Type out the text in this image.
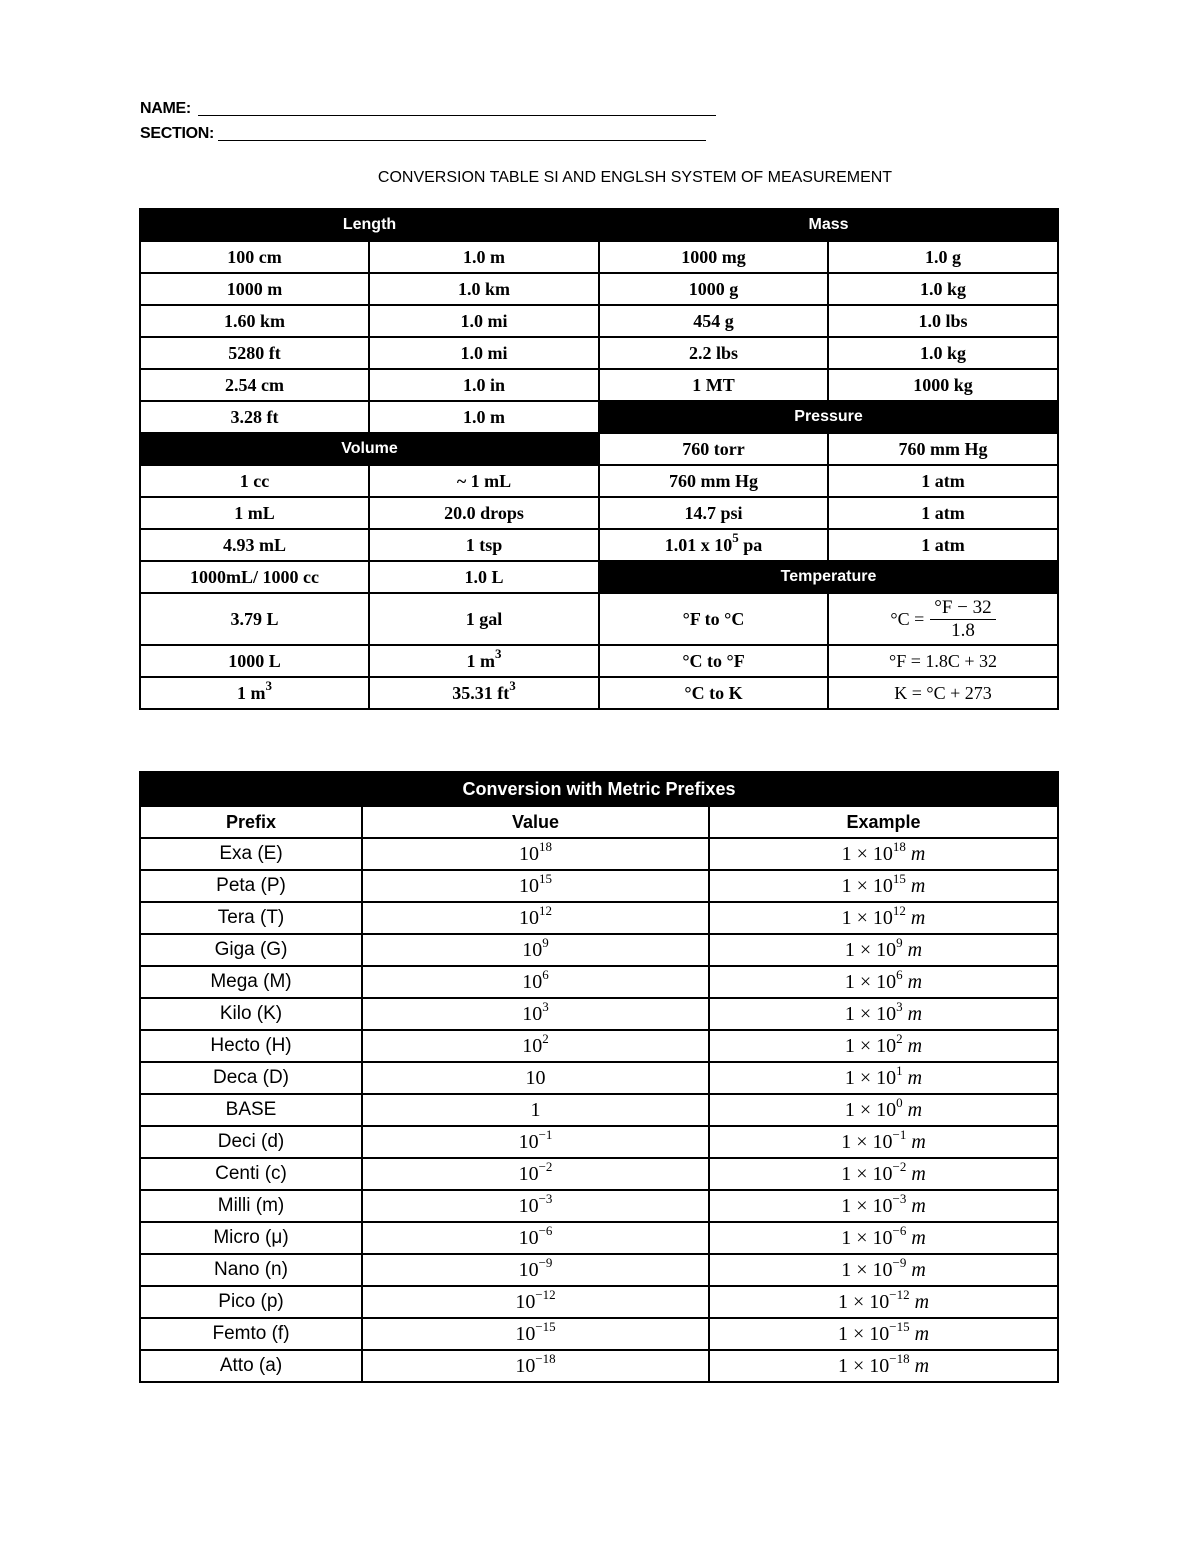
NAME:
SECTION:
CONVERSION TABLE SI AND ENGLSH SYSTEM OF MEASUREMENT
Length		Mass	
100 cm	1.0 m	1000 mg	1.0 g
1000 m	1.0 km	1000 g	1.0 kg
1.60 km	1.0 mi	454 g	1.0 lbs
5280 ft	1.0 mi	2.2 lbs	1.0 kg
2.54 cm	1.0 in	1 MT	1000 kg
3.28 ft	1.0 m	Pressure	
Volume		760 torr	760 mm Hg
1 cc	~ 1 mL	760 mm Hg	1 atm
1 mL	20.0 drops	14.7 psi	1 atm
4.93 mL	1 tsp	1.01 x $10^5$ pa	1 atm
1000mL/ 1000 cc	1.0 L	Temperature	
3.79 L	1 gal	°F to °C	$^\circ C = \frac{^\circ F - 32}{1.8}$

1000 L	1 $m^3$	°C to °F	°F = 1.8C + 32
1 $m^3$	35.31 $ft^3$	°C to K	K = °C + 273
Conversion with Metric Prefixes		
Prefix	Value	Example
Exa (E)	$10^{18}$	$1 \times 10^{18}$ m
Peta (P)	$10^{15}$	$1 \times 10^{15}$ m
Tera (T)	$10^{12}$	$1 \times 10^{12}$ m
Giga (G)	$10^9$	$1 \times 10^9$ m
Mega (M)	$10^6$	$1 \times 10^6$ m
Kilo (K)	$10^3$	$1 \times 10^3$ m
Hecto (H)	$10^2$	$1 \times 10^2$ m
Deca (D)	10	$1 \times 10^1$ m
BASE	1	$1 \times 10^0$ m
Deci (d)	$10^{-1}$	$1 \times 10^{-1}$ m
Centi (c)	$10^{-2}$	$1 \times 10^{-2}$ m
Milli (m)	$10^{-3}$	$1 \times 10^{-3}$ m
Micro (μ)	$10^{-6}$	$1 \times 10^{-6}$ m
Nano (n)	$10^{-9}$	$1 \times 10^{-9}$ m
Pico (p)	$10^{-12}$	$1 \times 10^{-12}$ m
Femto (f)	$10^{-15}$	$1 \times 10^{-15}$ m
Atto (a)	$10^{-18}$	$1 \times 10^{-18}$ m
